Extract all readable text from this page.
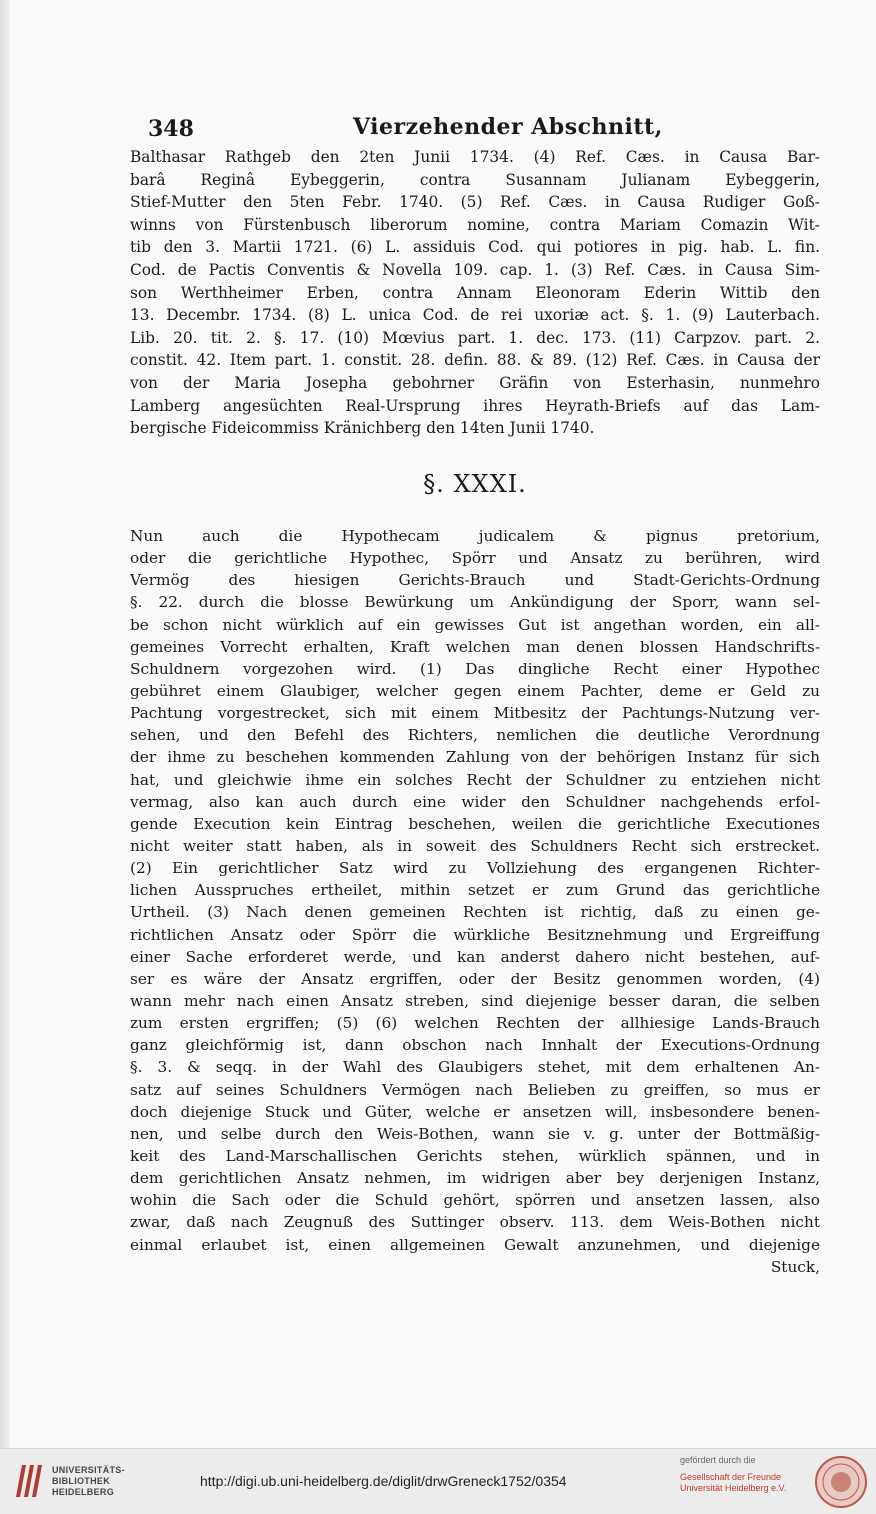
348	Vierzehender Abschnitt,
Balthasar Rathgeb den 2ten Junii 1734. (4) Ref. Cæs. in Causa Bar-
barâ Reginâ Eybeggerin, contra Susannam Julianam Eybeggerin,
Stief-Mutter den 5ten Febr. 1740. (5) Ref. Cæs. in Causa Rudiger Goß-
winns von Fürstenbusch liberorum nomine, contra Mariam Comazin Wit-
tib den 3. Martii 1721. (6) L. assiduis Cod. qui potiores in pig. hab. L. fin.
Cod. de Pactis Conventis & Novella 109. cap. 1. (3) Ref. Cæs. in Causa Sim-
son Werthheimer Erben, contra Annam Eleonoram Ederin Wittib den
13. Decembr. 1734. (8) L. unica Cod. de rei uxoriæ act. §. 1. (9) Lauterbach.
Lib. 20. tit. 2. §. 17. (10) Mœvius part. 1. dec. 173. (11) Carpzov. part. 2.
constit. 42. Item part. 1. constit. 28. defin. 88. & 89. (12) Ref. Cæs. in Causa der
von der Maria Josepha gebohrner Gräfin von Esterhasin, nunmehro
Lamberg angesüchten Real-Ursprung ihres Heyrath-Briefs auf das Lam-
bergische Fideicommiss Kränichberg den 14ten Junii 1740.
§. XXXI.
Nun auch die Hypothecam judicalem & pignus pretorium,
oder die gerichtliche Hypothec, Spörr und Ansatz zu berühren, wird
Vermög des hiesigen Gerichts-Brauch und Stadt-Gerichts-Ordnung
§. 22. durch die blosse Bewürkung um Ankündigung der Sporr, wann sel-
be schon nicht würklich auf ein gewisses Gut ist angethan worden, ein all-
gemeines Vorrecht erhalten, Kraft welchen man denen blossen Handschrifts-
Schuldnern vorgezohen wird. (1) Das dingliche Recht einer Hypothec
gebühret einem Glaubiger, welcher gegen einem Pachter, deme er Geld zu
Pachtung vorgestrecket, sich mit einem Mitbesitz der Pachtungs-Nutzung ver-
sehen, und den Befehl des Richters, nemlichen die deutliche Verordnung
der ihme zu beschehen kommenden Zahlung von der behörigen Instanz für sich
hat, und gleichwie ihme ein solches Recht der Schuldner zu entziehen nicht
vermag, also kan auch durch eine wider den Schuldner nachgehends erfol-
gende Execution kein Eintrag beschehen, weilen die gerichtliche Executiones
nicht weiter statt haben, als in soweit des Schuldners Recht sich erstrecket.
(2) Ein gerichtlicher Satz wird zu Vollziehung des ergangenen Richter-
lichen Ausspruches ertheilet, mithin setzet er zum Grund das gerichtliche
Urtheil. (3) Nach denen gemeinen Rechten ist richtig, daß zu einen ge-
richtlichen Ansatz oder Spörr die würkliche Besitznehmung und Ergreiffung
einer Sache erforderet werde, und kan anderst dahero nicht bestehen, auf-
ser es wäre der Ansatz ergriffen, oder der Besitz genommen worden, (4)
wann mehr nach einen Ansatz streben, sind diejenige besser daran, die selben
zum ersten ergriffen; (5) (6) welchen Rechten der allhiesige Lands-Brauch
ganz gleichförmig ist, dann obschon nach Innhalt der Executions-Ordnung
§. 3. & seqq. in der Wahl des Glaubigers stehet, mit dem erhaltenen An-
satz auf seines Schuldners Vermögen nach Belieben zu greiffen, so mus er
doch diejenige Stuck und Güter, welche er ansetzen will, insbesondere benen-
nen, und selbe durch den Weis-Bothen, wann sie v. g. unter der Bottmäßig-
keit des Land-Marschallischen Gerichts stehen, würklich spännen, und in
dem gerichtlichen Ansatz nehmen, im widrigen aber bey derjenigen Instanz,
wohin die Sach oder die Schuld gehört, spörren und ansetzen lassen, also
zwar, daß nach Zeugnuß des Suttinger observ. 113. dem Weis-Bothen nicht
einmal erlaubet ist, einen allgemeinen Gewalt anzunehmen, und diejenige
Stuck,
UNIVERSITÄTS-
BIBLIOTHEK
HEIDELBERG
http://digi.ub.uni-heidelberg.de/diglit/drwGreneck1752/0354
gefördert durch die
Gesellschaft der Freunde
Universität Heidelberg e.V.
